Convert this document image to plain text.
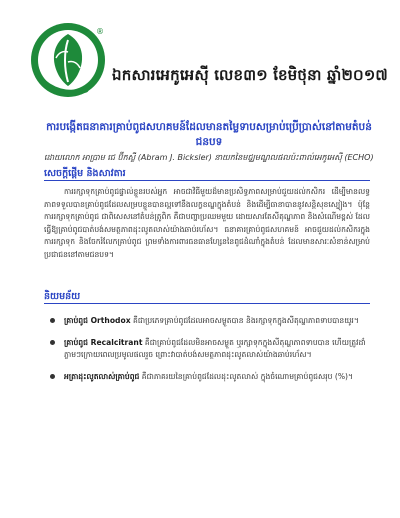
®
ឯកសារអេកូអេស៊ី លេខ៣១ ខែមិថុនា ឆ្នាំ២០១៧
ការបង្កើតធនាគារគ្រាប់ពូជសហគមន៍ដែលមានតម្លៃទាបសម្រាប់ប្រើប្រាស់នៅតាមតំបន់ជនបទ
ដោយលោក អាប្រាម ជេ ប៊ីកស្លឺ (Abram J. Bicksler) នាយកនៃមជ្ឈមណ្ឌលផលប៉ះពាល់អេកូអេស៊ី (ECHO)
សេចក្តីផ្តើម និងសាវតារ

ការរក្សាទុកគ្រាប់ពូជផ្ទាល់ខ្លួនរបស់អ្នក អាចជាវិធីមួយដ៏មានប្រសិទ្ធភាពសម្រាប់ជួយដល់កសិករ ដើម្បីមានលទ្ធភាពទទួលបានគ្រាប់ពូជដែលសម្របខ្លួនបានល្អទៅនឹងលក្ខខណ្ឌក្នុងតំបន់ និងដើម្បីធានាបាននូវសន្តិសុខស្បៀង។ ប៉ុន្តែការរក្សាទុកគ្រាប់ពូជ ជាពិសេសនៅតំបន់ត្រូពិក គឺជាបញ្ហាប្រឈមមួយ ដោយសារតែសីតុណ្ហភាព និងសំណើមខ្ពស់ ដែលធ្វើឱ្យគ្រាប់ពូជបាត់បង់សមត្ថភាពដុះលូតលាស់យ៉ាងឆាប់រហ័ស។ ធនាគារគ្រាប់ពូជសហគមន៍ អាចជួយដល់កសិករក្នុងការរក្សាទុក និងចែករំលែកគ្រាប់ពូជ ព្រមទាំងការពារធនធានហ្សែននៃពូជដំណាំក្នុងតំបន់ ដែលមានសារៈសំខាន់សម្រាប់ប្រជាជននៅតាមជនបទ។

និយមន័យ
គ្រាប់ពូជ Orthodox គឺជាប្រភេទគ្រាប់ពូជដែលអាចសម្ងួតបាន និងរក្សាទុកក្នុងសីតុណ្ហភាពទាបបានយូរ។
គ្រាប់ពូជ Recalcitrant គឺជាគ្រាប់ពូជដែលមិនអាចសម្ងួត ឬរក្សាទុកក្នុងសីតុណ្ហភាពទាបបាន ហើយត្រូវដាំភ្លាមៗក្រោយពេលប្រមូលផលរួច ព្រោះវាបាត់បង់សមត្ថភាពដុះលូតលាស់យ៉ាងឆាប់រហ័ស។
អត្រាដុះលូតលាស់គ្រាប់ពូជ គឺជាភាគរយនៃគ្រាប់ពូជដែលដុះលូតលាស់ ក្នុងចំណោមគ្រាប់ពូជសរុប (%)។
